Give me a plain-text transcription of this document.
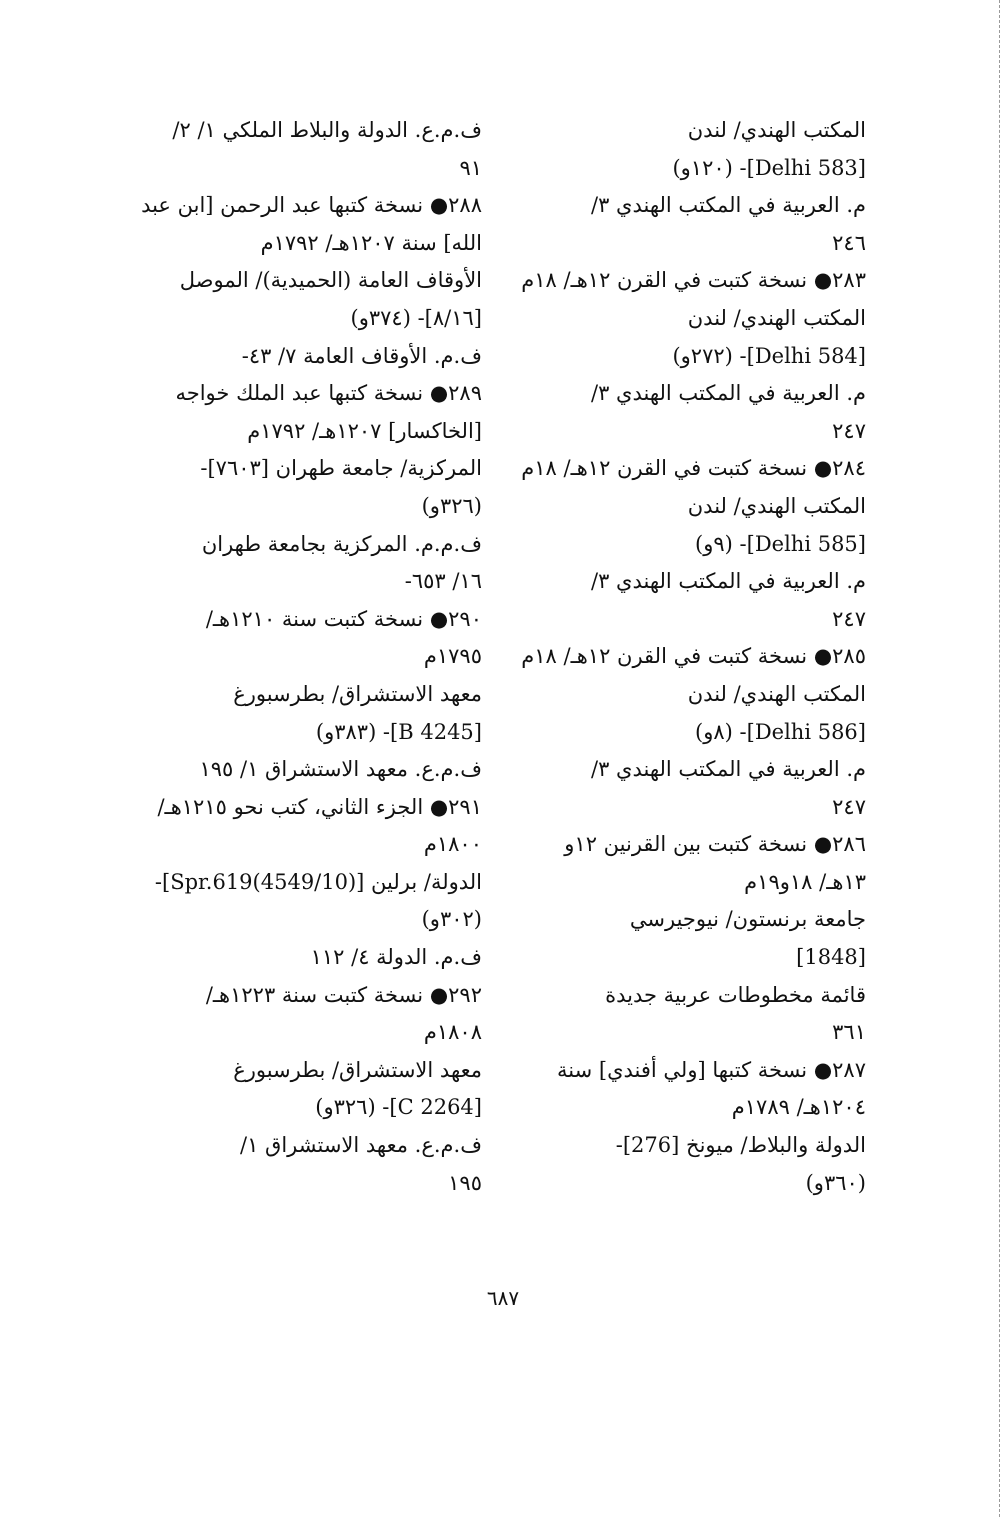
المكتب الهندي/ لندن
[Delhi 583]- (١٢٠و)
م. العربية في المكتب الهندي ٣/
٢٤٦
٢٨٣● نسخة كتبت في القرن ١٢هـ/ ١٨م
المكتب الهندي/ لندن
[Delhi 584]- (٢٧٢و)
م. العربية في المكتب الهندي ٣/
٢٤٧
٢٨٤● نسخة كتبت في القرن ١٢هـ/ ١٨م
المكتب الهندي/ لندن
[Delhi 585]- (٩و)
م. العربية في المكتب الهندي ٣/
٢٤٧
٢٨٥● نسخة كتبت في القرن ١٢هـ/ ١٨م
المكتب الهندي/ لندن
[Delhi 586]- (٨و)
م. العربية في المكتب الهندي ٣/
٢٤٧
٢٨٦● نسخة كتبت بين القرنين ١٢و
١٣هـ/ ١٨و١٩م
جامعة برنستون/ نيوجيرسي
[1848]
قائمة مخطوطات عربية جديدة
٣٦١
٢٨٧● نسخة كتبها [ولي أفندي] سنة
١٢٠٤هـ/ ١٧٨٩م
الدولة والبلاط/ ميونخ [276]-
(٣٦٠و)
ف.م.ع. الدولة والبلاط الملكي ١/ ٢/
٩١
٢٨٨● نسخة كتبها عبد الرحمن [ابن عبد
الله] سنة ١٢٠٧هـ/ ١٧٩٢م
الأوقاف العامة (الحميدية)/ الموصل
[٨/١٦]- (٣٧٤و)
ف.م. الأوقاف العامة ٧/ ٤٣-
٢٨٩● نسخة كتبها عبد الملك خواجه
[الخاكسار] ١٢٠٧هـ/ ١٧٩٢م
المركزية/ جامعة طهران [٧٦٠٣]-
(٣٢٦و)
ف.م.م. المركزية بجامعة طهران
١٦/ ٦٥٣-
٢٩٠● نسخة كتبت سنة ١٢١٠هـ/
١٧٩٥م
معهد الاستشراق/ بطرسبورغ
[B 4245]- (٣٨٣و)
ف.م.ع. معهد الاستشراق ١/ ١٩٥
٢٩١● الجزء الثاني، كتب نحو ١٢١٥هـ/
١٨٠٠م
الدولة/ برلين [Spr.619(4549/10)]-
(٣٠٢و)
ف.م. الدولة ٤/ ١١٢
٢٩٢● نسخة كتبت سنة ١٢٢٣هـ/
١٨٠٨م
معهد الاستشراق/ بطرسبورغ
[C 2264]- (٣٢٦و)
ف.م.ع. معهد الاستشراق ١/
١٩٥
٦٨٧
